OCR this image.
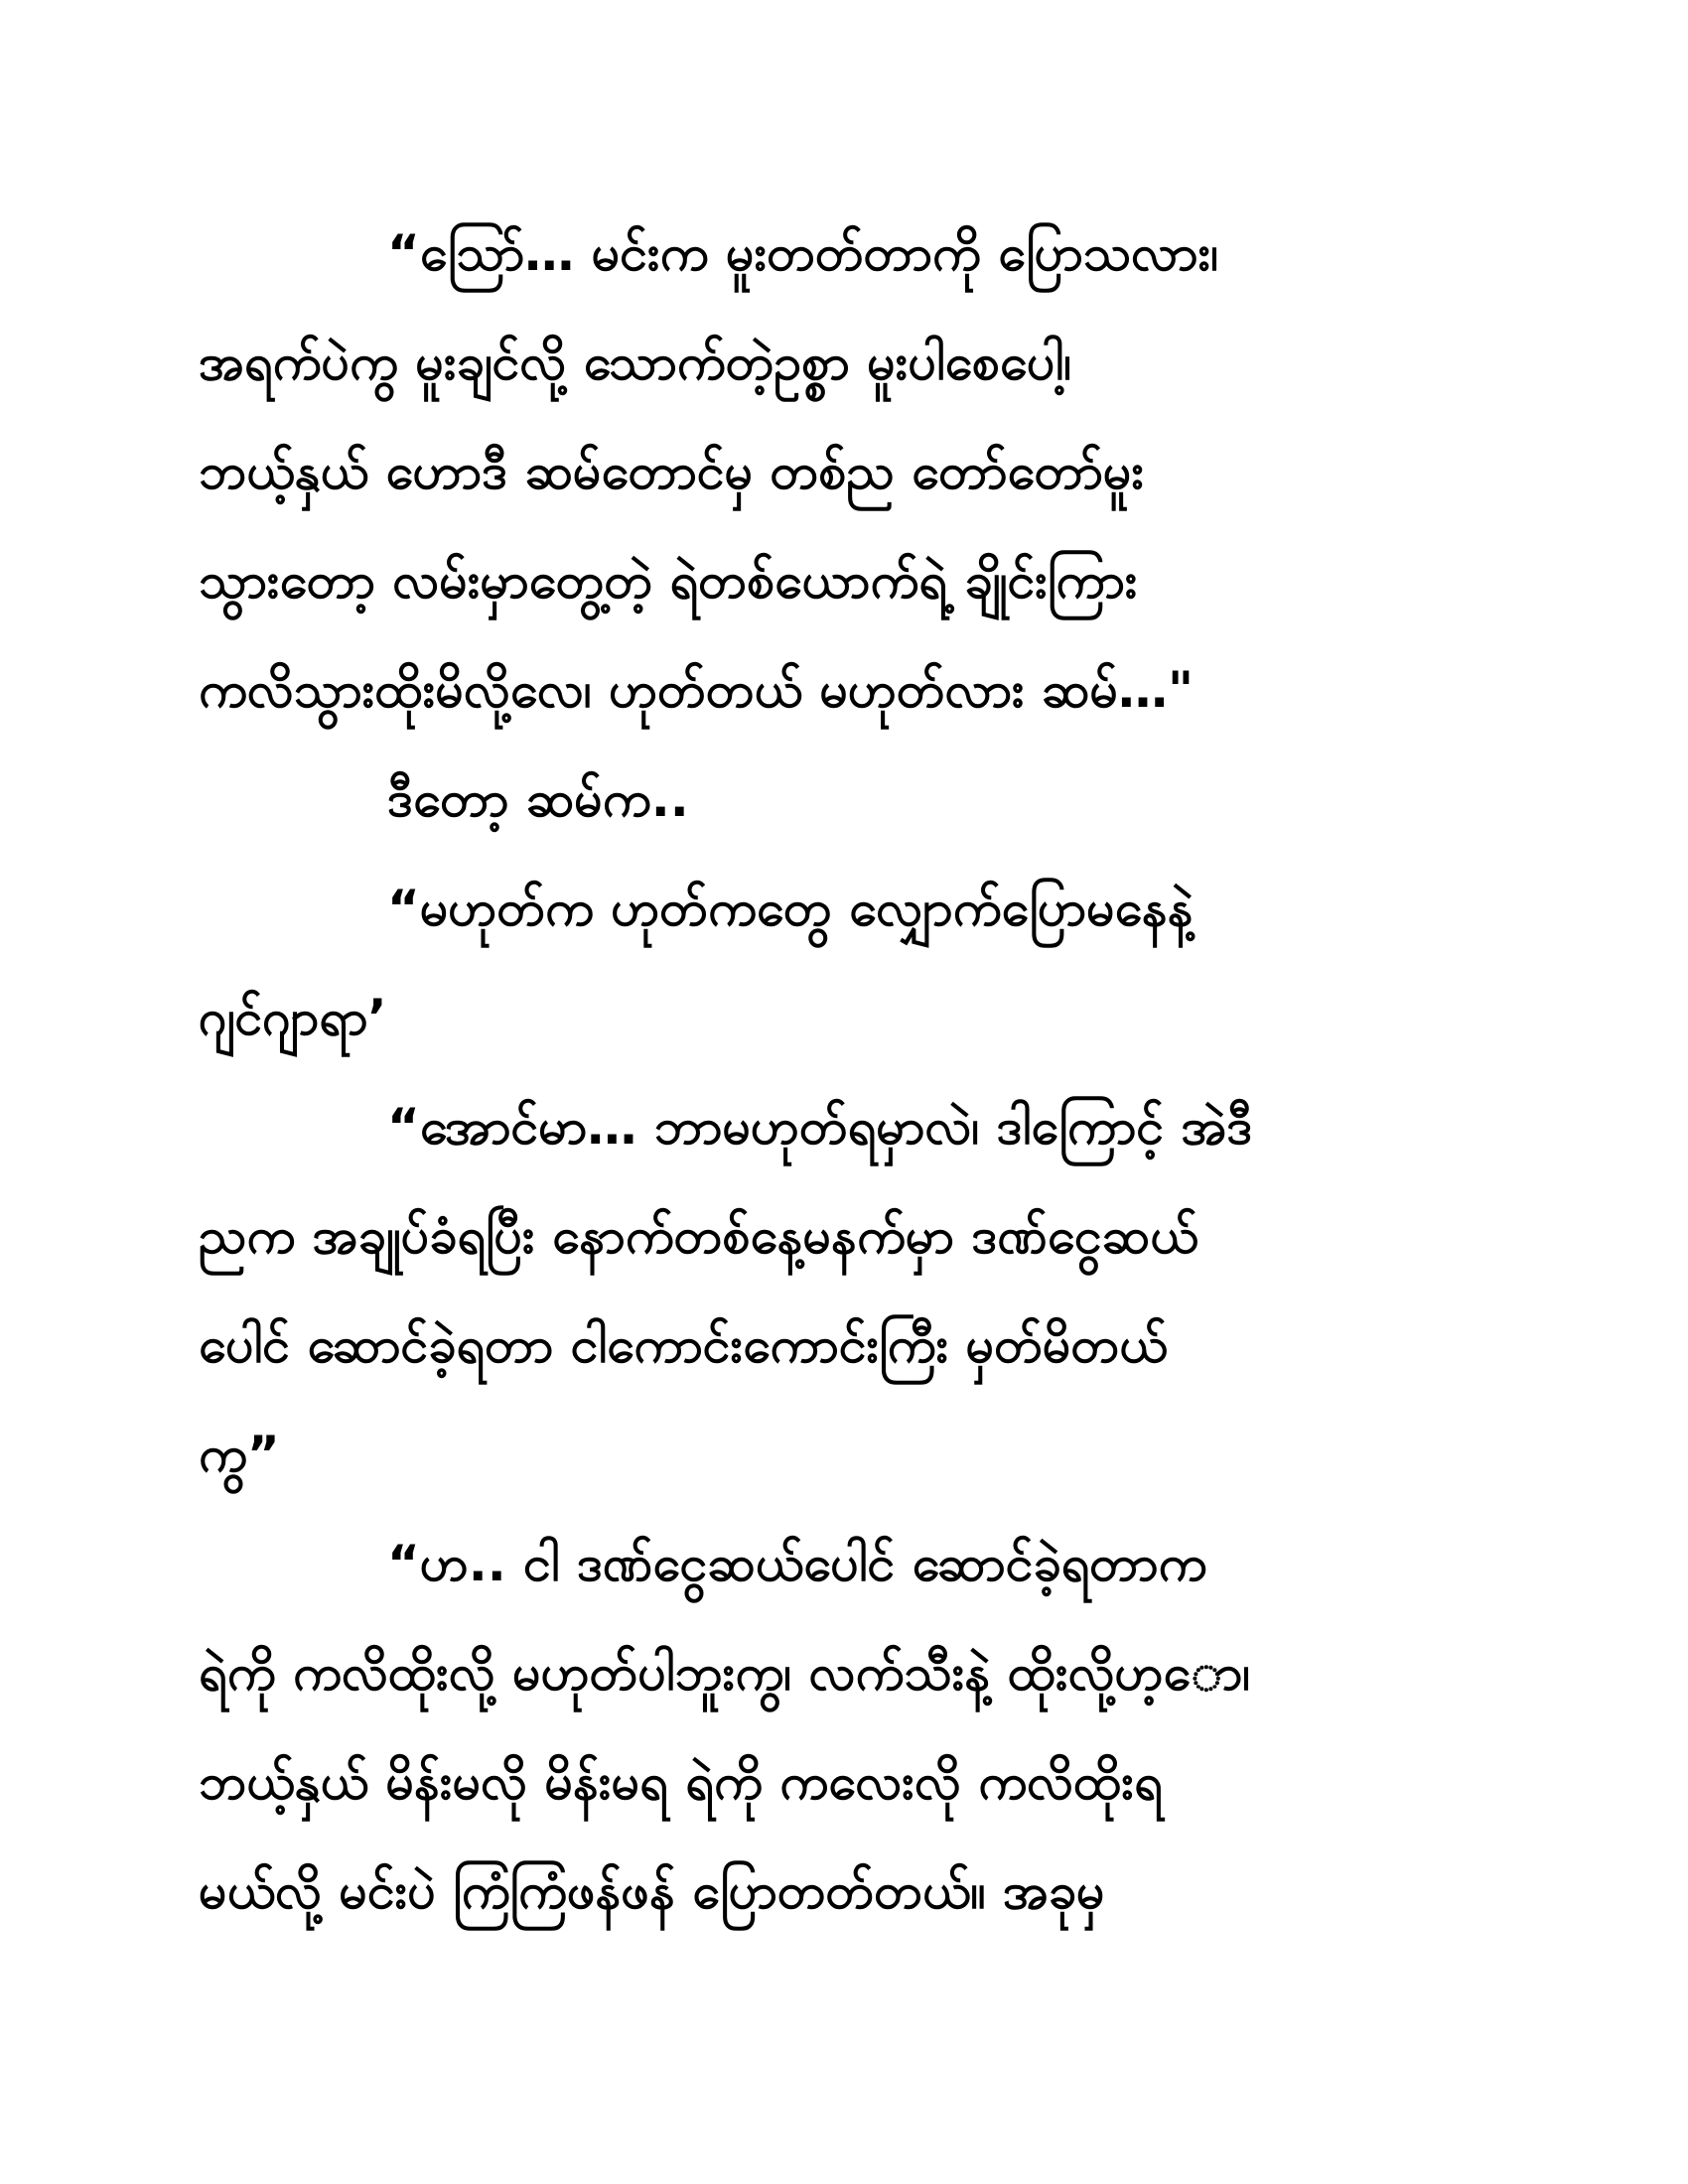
“သြော်… မင်းက မူးတတ်တာကို ပြောသလား၊
အရက်ပဲကွ မူးချင်လို့ သောက်တဲ့ဥစ္စာ မူးပါစေပေါ့၊
ဘယ့်နှယ် ဟောဒီ ဆမ်တောင်မှ တစ်ည တော်တော်မူး
သွားတော့ လမ်းမှာတွေ့တဲ့ ရဲတစ်ယောက်ရဲ့ ချိုင်းကြား
ကလိသွားထိုးမိလို့လေ၊ ဟုတ်တယ် မဟုတ်လား ဆမ်…"
ဒီတော့ ဆမ်က..
“မဟုတ်က ဟုတ်ကတွေ လျှောက်ပြောမနေနဲ့
ဂျင်ဂျာရာ’
“အောင်မာ… ဘာမဟုတ်ရမှာလဲ၊ ဒါကြောင့် အဲဒီ
ညက အချုပ်ခံရပြီး နောက်တစ်နေ့မနက်မှာ ဒဏ်ငွေဆယ်
ပေါင် ဆောင်ခဲ့ရတာ ငါကောင်းကောင်းကြီး မှတ်မိတယ်
ကွ”
“ဟ.. ငါ ဒဏ်ငွေဆယ်ပေါင် ဆောင်ခဲ့ရတာက
ရဲကို ကလိထိုးလို့ မဟုတ်ပါဘူးကွ၊ လက်သီးနဲ့ ထိုးလို့ဟ့ော၊
ဘယ့်နှယ် မိန်းမလို မိန်းမရ ရဲကို ကလေးလို ကလိထိုးရ
မယ်လို့ မင်းပဲ ကြံကြံဖန်ဖန် ပြောတတ်တယ်။ အခုမှ
